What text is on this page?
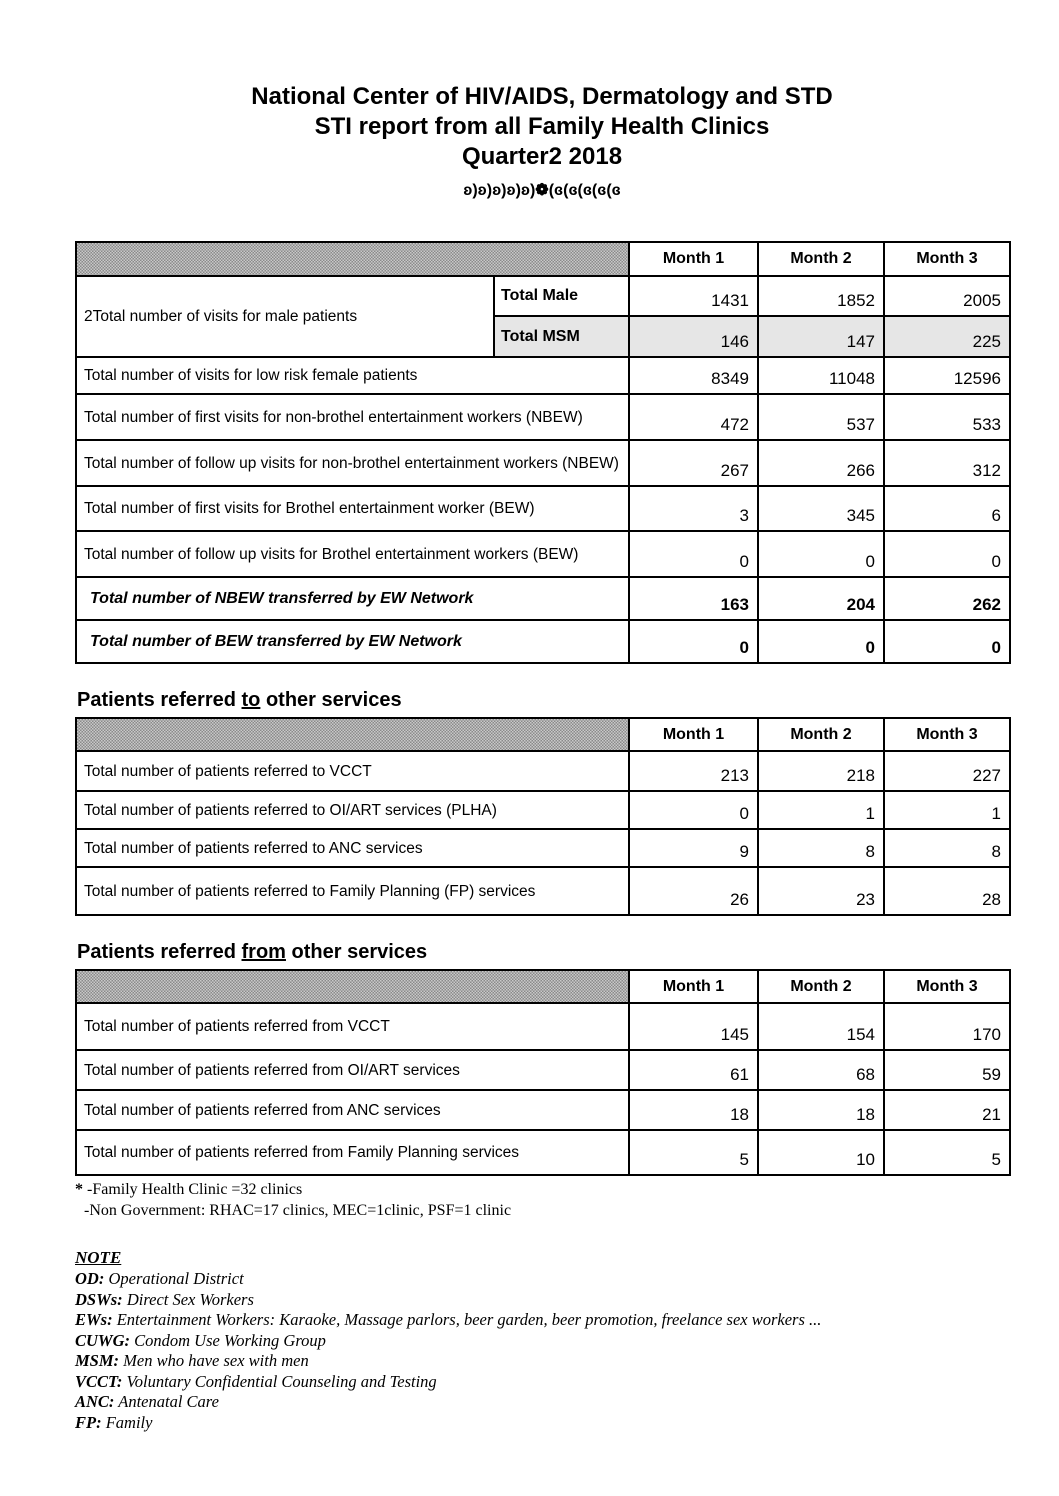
National Center of HIV/AIDS, Dermatology and STD
STI report from all Family Health Clinics
Quarter2 2018
ʚ)ʚ)ʚ)ʚ)ʚ)❁(ɞ(ɞ(ɞ(ɞ(ɞ
		Month 1	Month 2	Month 3
2Total number of visits for male patients	Total Male	1431	1852	2005
	Total MSM	146	147	225
Total number of visits for low risk female patients		8349	11048	12596
Total number of first visits for non-brothel entertainment workers (NBEW)		472	537	533
Total number of follow up visits for non-brothel entertainment workers (NBEW)		267	266	312
Total number of first visits for Brothel entertainment worker (BEW)		3	345	6
Total number of follow up visits for Brothel entertainment workers (BEW)		0	0	0
Total number of NBEW transferred by EW Network		163	204	262
Total number of BEW transferred by EW Network		0	0	0
Patients referred to other services
	Month 1	Month 2	Month 3
Total number of patients referred to VCCT	213	218	227
Total number of patients referred to OI/ART services (PLHA)	0	1	1
Total number of patients referred to ANC services	9	8	8
Total number of patients referred to Family Planning (FP) services	26	23	28
Patients referred from other services
	Month 1	Month 2	Month 3
Total number of patients referred from VCCT	145	154	170
Total number of patients referred from OI/ART services	61	68	59
Total number of patients referred from ANC services	18	18	21
Total number of patients referred from Family Planning services	5	10	5
* -Family Health Clinic =32 clinics
-Non Government: RHAC=17 clinics, MEC=1clinic, PSF=1 clinic
NOTE
OD: Operational District
DSWs: Direct Sex Workers
EWs: Entertainment Workers: Karaoke, Massage parlors, beer garden, beer promotion, freelance sex workers ...
CUWG: Condom Use Working Group
MSM: Men who have sex with men
VCCT: Voluntary Confidential Counseling and Testing
ANC: Antenatal Care
FP: Family
